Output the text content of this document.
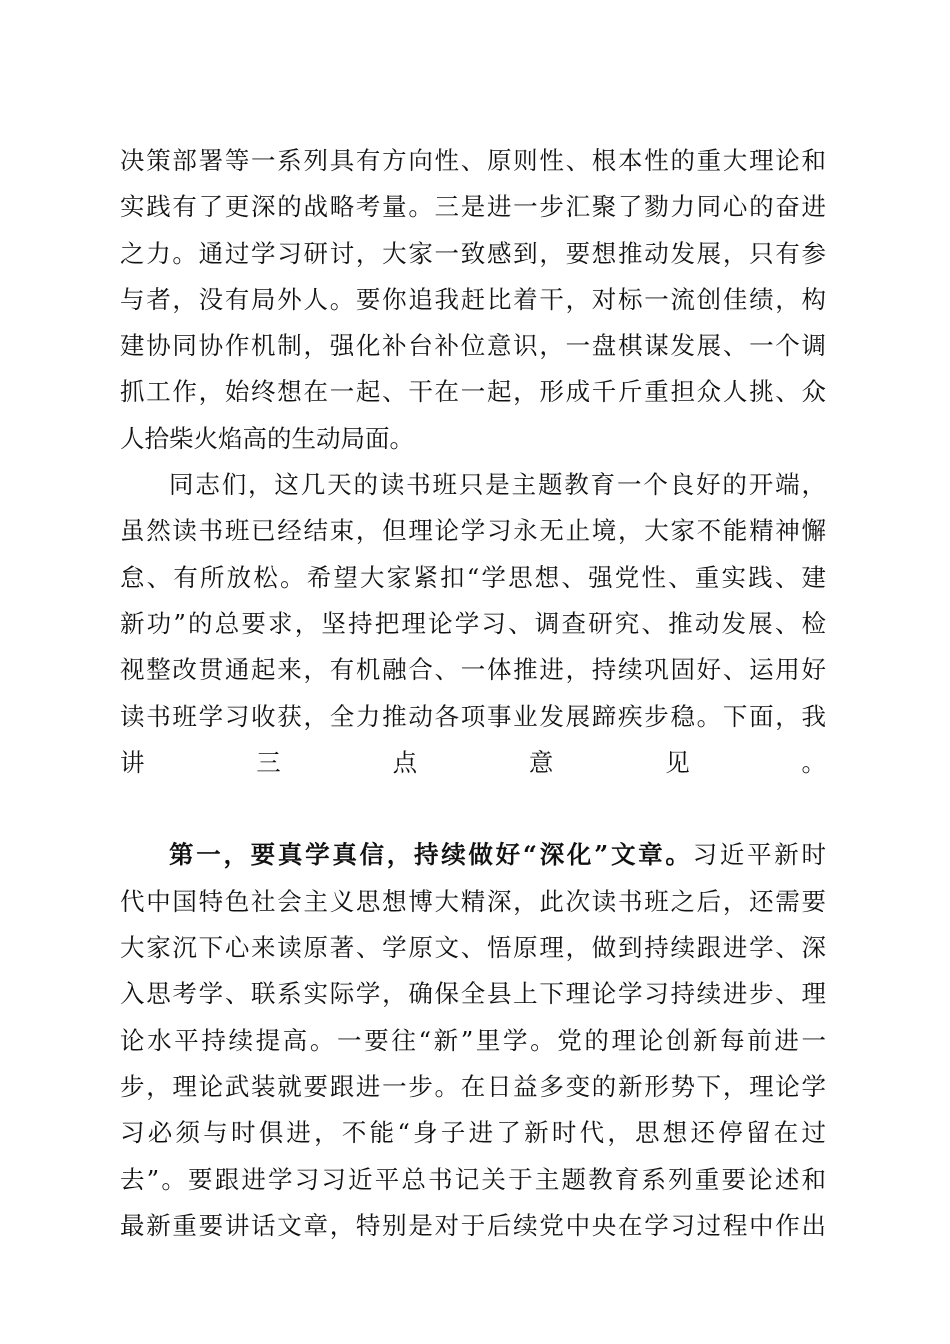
决策部署等一系列具有方向性、原则性、根本性的重大理论和
实践有了更深的战略考量。三是进一步汇聚了勠力同心的奋进
之力。通过学习研讨，大家一致感到，要想推动发展，只有参
与者，没有局外人。要你追我赶比着干，对标一流创佳绩，构
建协同协作机制，强化补台补位意识，一盘棋谋发展、一个调
抓工作，始终想在一起、干在一起，形成千斤重担众人挑、众
人拾柴火焰高的生动局面。
同志们，这几天的读书班只是主题教育一个良好的开端，
虽然读书班已经结束，但理论学习永无止境，大家不能精神懈
怠、有所放松。希望大家紧扣“学思想、强党性、重实践、建
新功”的总要求，坚持把理论学习、调查研究、推动发展、检
视整改贯通起来，有机融合、一体推进，持续巩固好、运用好
读书班学习收获，全力推动各项事业发展蹄疾步稳。下面，我
讲三点意见。
第一，要真学真信，持续做好“深化”文章。习近平新时
代中国特色社会主义思想博大精深，此次读书班之后，还需要
大家沉下心来读原著、学原文、悟原理，做到持续跟进学、深
入思考学、联系实际学，确保全县上下理论学习持续进步、理
论水平持续提高。一要往“新”里学。党的理论创新每前进一
步，理论武装就要跟进一步。在日益多变的新形势下，理论学
习必须与时俱进，不能“身子进了新时代，思想还停留在过
去”。要跟进学习习近平总书记关于主题教育系列重要论述和
最新重要讲话文章，特别是对于后续党中央在学习过程中作出
